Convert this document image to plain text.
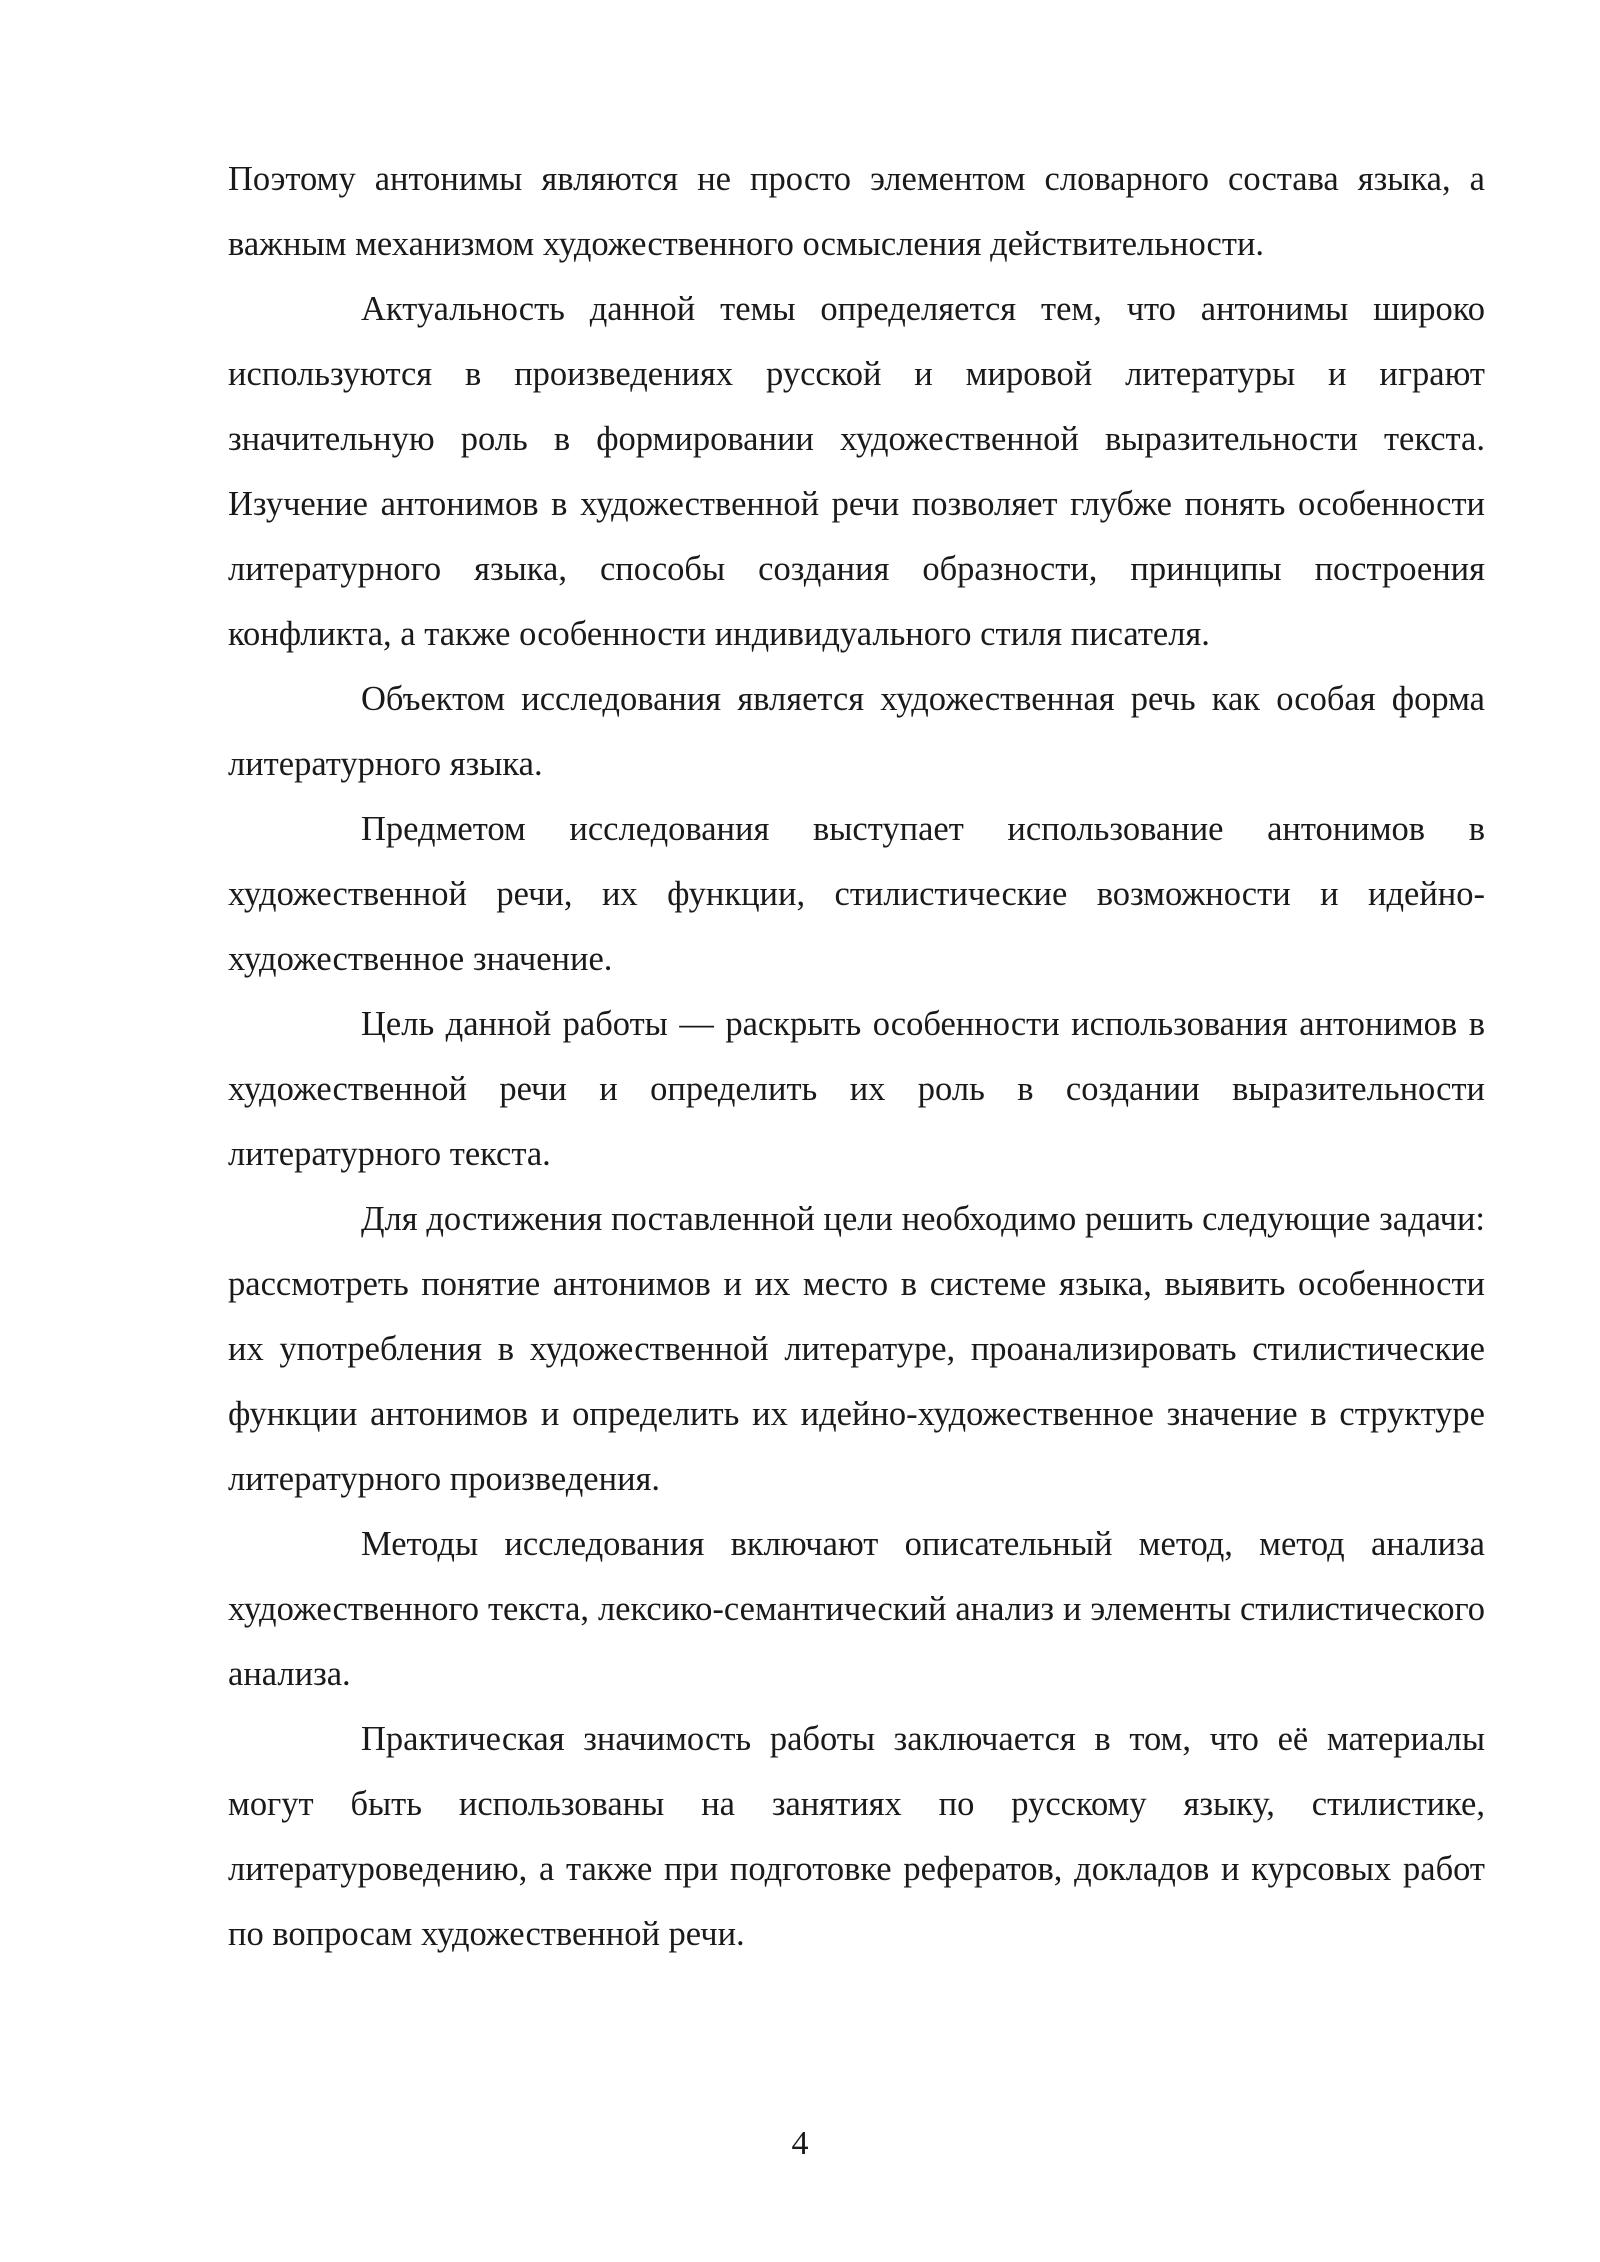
Поэтому антонимы являются не просто элементом словарного состава языка, а важным механизмом художественного осмысления действительности.

Актуальность данной темы определяется тем, что антонимы широко используются в произведениях русской и мировой литературы и играют значительную роль в формировании художественной выразительности текста. Изучение антонимов в художественной речи позволяет глубже понять особенности литературного языка, способы создания образности, принципы построения конфликта, а также особенности индивидуального стиля писателя.

Объектом исследования является художественная речь как особая форма литературного языка.

Предметом исследования выступает использование антонимов в художественной речи, их функции, стилистические возможности и идейно-художественное значение.

Цель данной работы — раскрыть особенности использования антонимов в художественной речи и определить их роль в создании выразительности литературного текста.

Для достижения поставленной цели необходимо решить следующие задачи: рассмотреть понятие антонимов и их место в системе языка, выявить особенности их употребления в художественной литературе, проанализировать стилистические функции антонимов и определить их идейно-художественное значение в структуре литературного произведения.

Методы исследования включают описательный метод, метод анализа художественного текста, лексико-семантический анализ и элементы стилистического анализа.

Практическая значимость работы заключается в том, что её материалы могут быть использованы на занятиях по русскому языку, стилистике, литературоведению, а также при подготовке рефератов, докладов и курсовых работ по вопросам художественной речи.

4
